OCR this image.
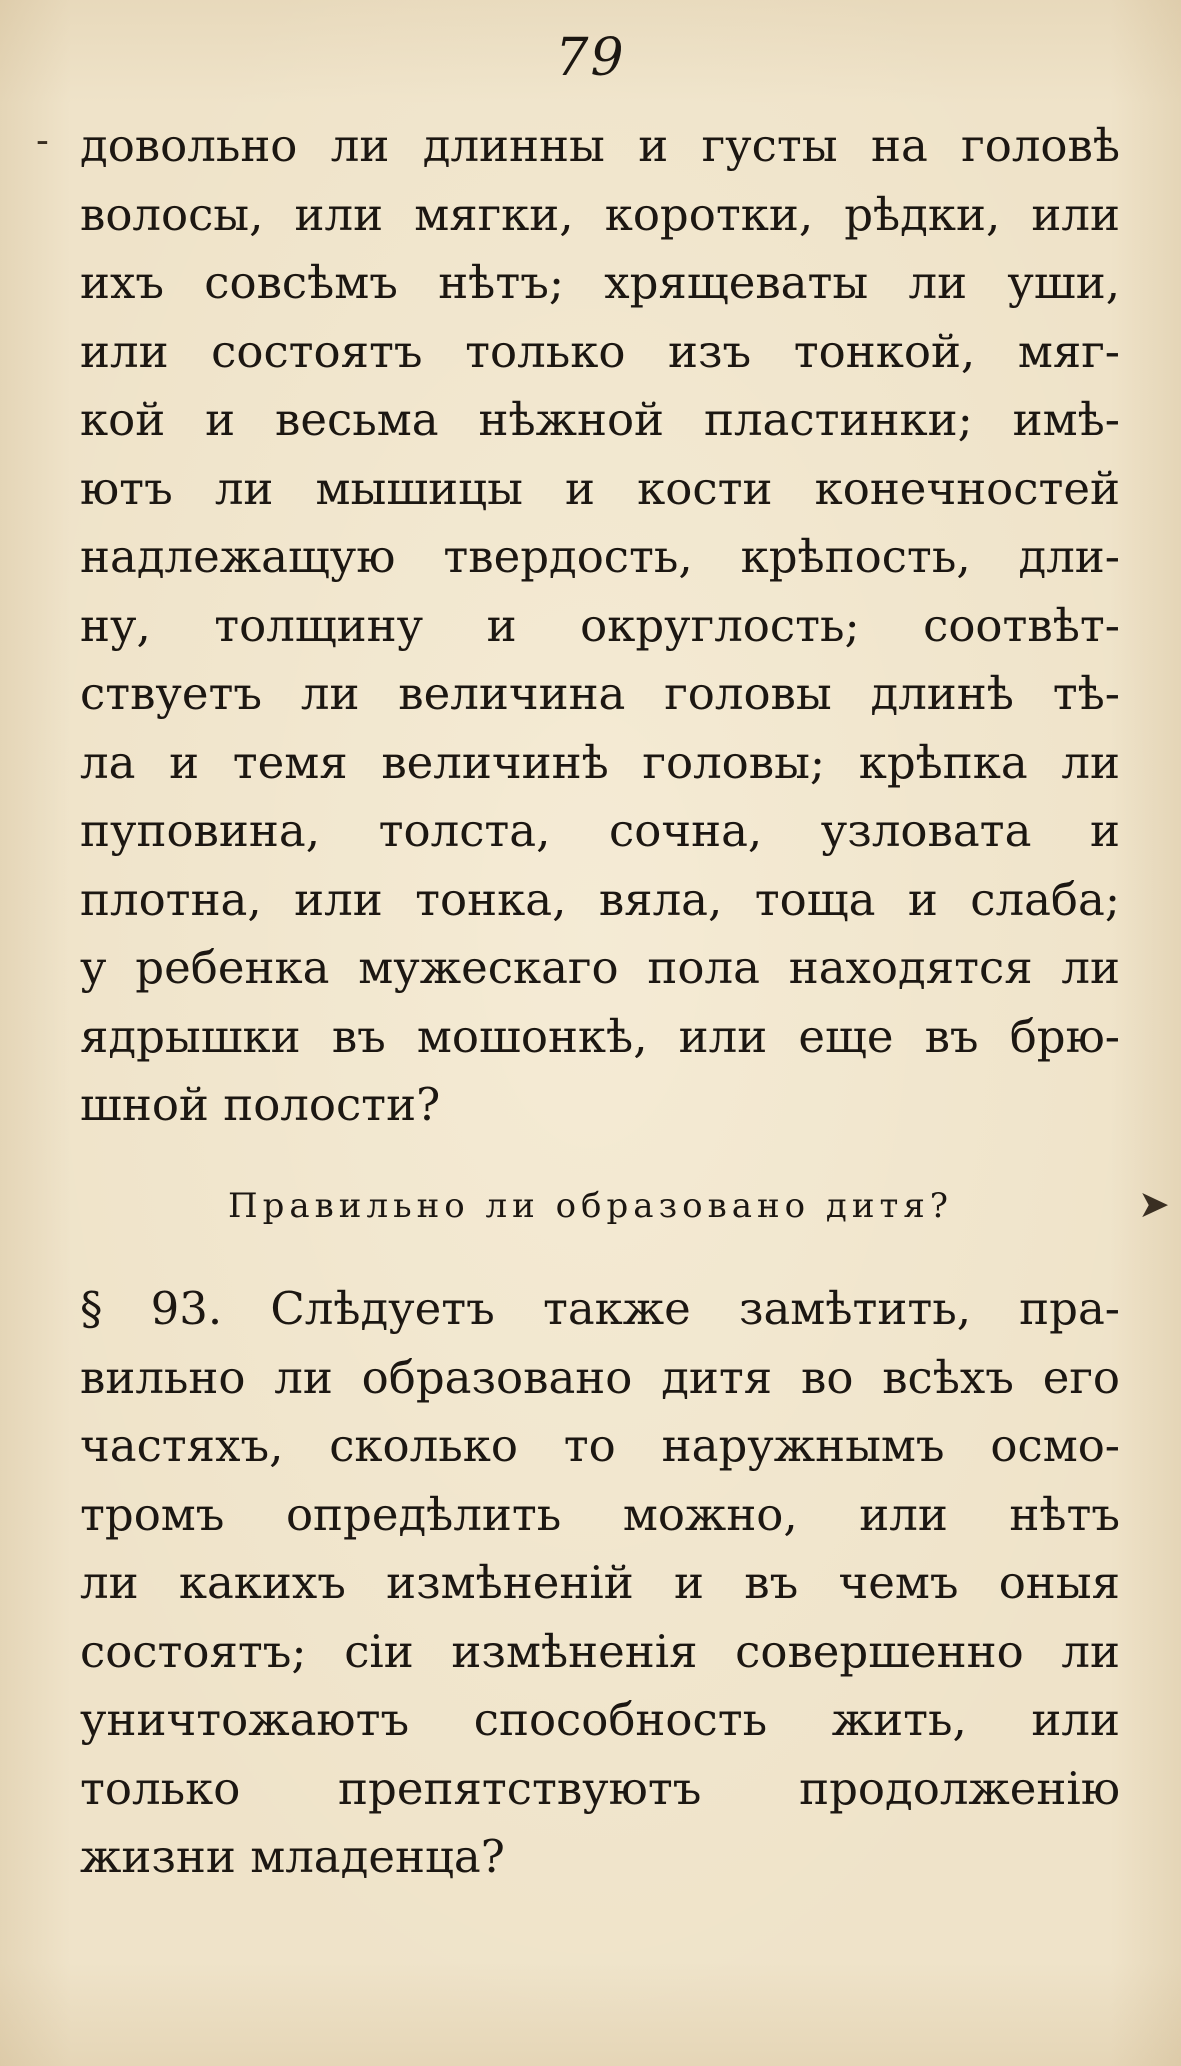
79
-
➤
довольно ли длинны и густы на головѣ
волосы, или мягки, коротки, рѣдки, или
ихъ совсѣмъ нѣтъ; хрящеваты ли уши,
или состоятъ только изъ тонкой, мяг-
кой и весьма нѣжной пластинки; имѣ-
ютъ ли мышицы и кости конечностей
надлежащую твердость, крѣпость, дли-
ну, толщину и округлость; соотвѣт-
ствуетъ ли величина головы длинѣ тѣ-
ла и темя величинѣ головы; крѣпка ли
пуповина, толста, сочна, узловата и
плотна, или тонка, вяла, тоща и слаба;
у ребенка мужескаго пола находятся ли
ядрышки въ мошонкѣ, или еще въ брю-
шной полости?
Правильно ли образовано дитя?
§ 93. Слѣдуетъ также замѣтить, пра-
вильно ли образовано дитя во всѣхъ его
частяхъ, сколько то наружнымъ осмо-
тромъ опредѣлить можно, или нѣтъ
ли какихъ измѣненій и въ чемъ оныя
состоятъ; сіи измѣненія совершенно ли
уничтожаютъ способность жить, или
только препятствуютъ продолженію
жизни младенца?
